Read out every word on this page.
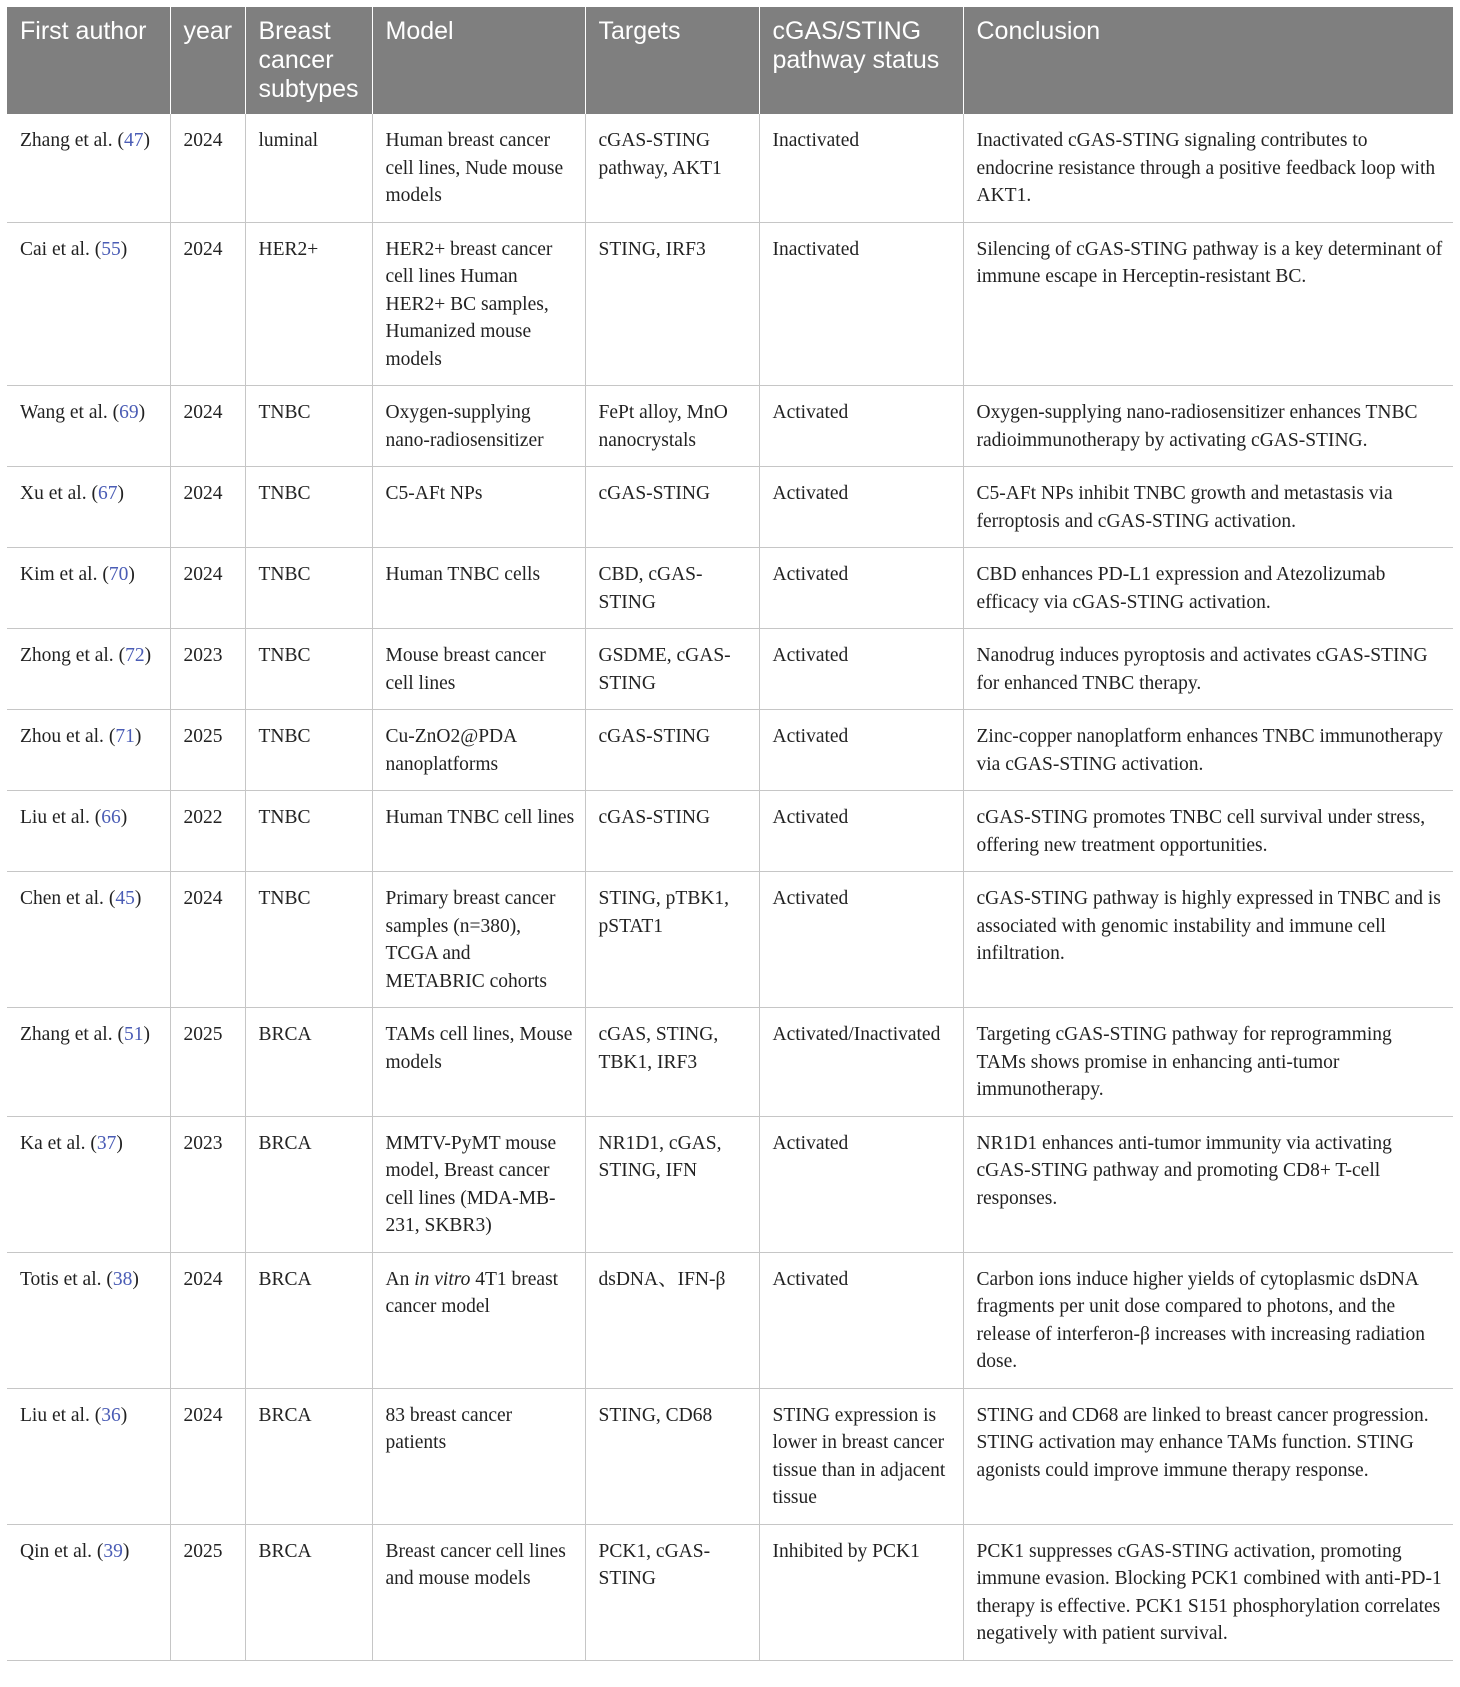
First author	year	Breast cancer subtypes	Model	Targets	cGAS/STING pathway status	Conclusion
Zhang et al. (47)	2024	luminal	Human breast cancer cell lines, Nude mouse models	cGAS-STING pathway, AKT1	Inactivated	Inactivated cGAS-STING signaling contributes to endocrine resistance through a positive feedback loop with AKT1.
Cai et al. (55)	2024	HER2+	HER2+ breast cancer cell lines Human HER2+ BC samples, Humanized mouse models	STING, IRF3	Inactivated	Silencing of cGAS-STING pathway is a key determinant of immune escape in Herceptin-resistant BC.
Wang et al. (69)	2024	TNBC	Oxygen-supplying nano-radiosensitizer	FePt alloy, MnO nanocrystals	Activated	Oxygen-supplying nano-radiosensitizer enhances TNBC radioimmunotherapy by activating cGAS-STING.
Xu et al. (67)	2024	TNBC	C5-AFt NPs	cGAS-STING	Activated	C5-AFt NPs inhibit TNBC growth and metastasis via ferroptosis and cGAS-STING activation.
Kim et al. (70)	2024	TNBC	Human TNBC cells	CBD, cGAS-STING	Activated	CBD enhances PD-L1 expression and Atezolizumab efficacy via cGAS-STING activation.
Zhong et al. (72)	2023	TNBC	Mouse breast cancer cell lines	GSDME, cGAS-STING	Activated	Nanodrug induces pyroptosis and activates cGAS-STING for enhanced TNBC therapy.
Zhou et al. (71)	2025	TNBC	Cu-ZnO2@PDA nanoplatforms	cGAS-STING	Activated	Zinc-copper nanoplatform enhances TNBC immunotherapy via cGAS-STING activation.
Liu et al. (66)	2022	TNBC	Human TNBC cell lines	cGAS-STING	Activated	cGAS-STING promotes TNBC cell survival under stress, offering new treatment opportunities.
Chen et al. (45)	2024	TNBC	Primary breast cancer samples (n=380), TCGA and METABRIC cohorts	STING, pTBK1, pSTAT1	Activated	cGAS-STING pathway is highly expressed in TNBC and is associated with genomic instability and immune cell infiltration.
Zhang et al. (51)	2025	BRCA	TAMs cell lines, Mouse models	cGAS, STING, TBK1, IRF3	Activated/Inactivated	Targeting cGAS-STING pathway for reprogramming TAMs shows promise in enhancing anti-tumor immunotherapy.
Ka et al. (37)	2023	BRCA	MMTV-PyMT mouse model, Breast cancer cell lines (MDA-MB-231, SKBR3)	NR1D1, cGAS, STING, IFN	Activated	NR1D1 enhances anti-tumor immunity via activating cGAS-STING pathway and promoting CD8+ T-cell responses.
Totis et al. (38)	2024	BRCA	An in vitro 4T1 breast cancer model	dsDNA、IFN-β	Activated	Carbon ions induce higher yields of cytoplasmic dsDNA fragments per unit dose compared to photons, and the release of interferon-β increases with increasing radiation dose.
Liu et al. (36)	2024	BRCA	83 breast cancer patients	STING, CD68	STING expression is lower in breast cancer tissue than in adjacent tissue	STING and CD68 are linked to breast cancer progression. STING activation may enhance TAMs function. STING agonists could improve immune therapy response.
Qin et al. (39)	2025	BRCA	Breast cancer cell lines and mouse models	PCK1, cGAS-STING	Inhibited by PCK1	PCK1 suppresses cGAS-STING activation, promoting immune evasion. Blocking PCK1 combined with anti-PD-1 therapy is effective. PCK1 S151 phosphorylation correlates negatively with patient survival.
